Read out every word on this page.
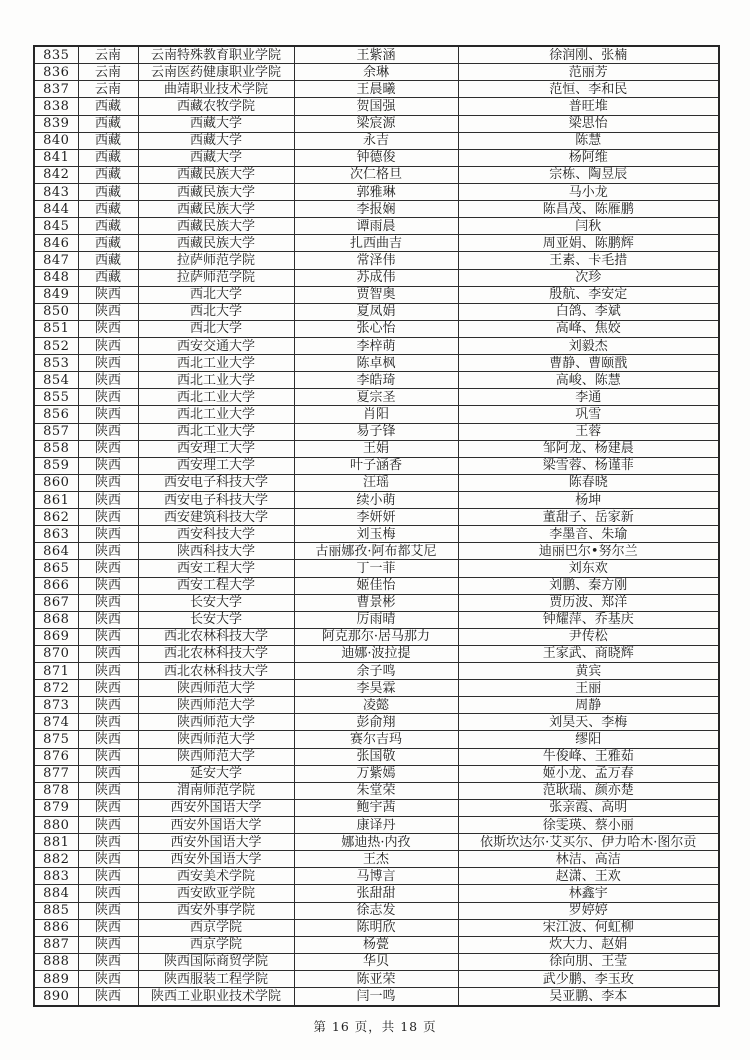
835	云南	云南特殊教育职业学院	王紫涵	徐润刚、张楠
836	云南	云南医药健康职业学院	余琳	范丽芳
837	云南	曲靖职业技术学院	王晨曦	范恒、李和民
838	西藏	西藏农牧学院	贺国强	普旺堆
839	西藏	西藏大学	梁宸源	梁思怡
840	西藏	西藏大学	永吉	陈慧
841	西藏	西藏大学	钟德俊	杨阿维
842	西藏	西藏民族大学	次仁格旦	宗栋、陶昱辰
843	西藏	西藏民族大学	郭雅琳	马小龙
844	西藏	西藏民族大学	李报娴	陈昌茂、陈雁鹏
845	西藏	西藏民族大学	谭雨晨	闫秋
846	西藏	西藏民族大学	扎西曲吉	周亚娟、陈鹏辉
847	西藏	拉萨师范学院	常泽伟	王素、卡毛措
848	西藏	拉萨师范学院	苏成伟	次珍
849	陕西	西北大学	贾智奥	殷航、李安定
850	陕西	西北大学	夏凤娟	白鸽、李斌
851	陕西	西北大学	张心怡	高峰、焦姣
852	陕西	西安交通大学	李梓萌	刘毅杰
853	陕西	西北工业大学	陈卓枫	曹静、曹颐戬
854	陕西	西北工业大学	李皓琦	高峻、陈慧
855	陕西	西北工业大学	夏宗圣	李通
856	陕西	西北工业大学	肖阳	巩雪
857	陕西	西北工业大学	易子锋	王蓉
858	陕西	西安理工大学	王娟	邹阿龙、杨建晨
859	陕西	西安理工大学	叶子涵香	梁雪蓉、杨谨菲
860	陕西	西安电子科技大学	汪瑶	陈春晓
861	陕西	西安电子科技大学	续小萌	杨坤
862	陕西	西安建筑科技大学	李妍妍	董甜子、岳家新
863	陕西	西安科技大学	刘玉梅	李墨音、朱瑜
864	陕西	陕西科技大学	古丽娜孜·阿布都艾尼	迪丽巴尔•努尔兰
865	陕西	西安工程大学	丁一菲	刘东欢
866	陕西	西安工程大学	姬佳怡	刘鹏、秦方刚
867	陕西	长安大学	曹景彬	贾历波、郑洋
868	陕西	长安大学	厉雨晴	钟耀萍、乔基庆
869	陕西	西北农林科技大学	阿克那尔·居马那力	尹传松
870	陕西	西北农林科技大学	迪娜·波拉提	王家武、商晓辉
871	陕西	西北农林科技大学	余子鸣	黄宾
872	陕西	陕西师范大学	李昊霖	王丽
873	陕西	陕西师范大学	凌懿	周静
874	陕西	陕西师范大学	彭俞翔	刘昊天、李梅
875	陕西	陕西师范大学	赛尔吉玛	缪阳
876	陕西	陕西师范大学	张国敬	牛俊峰、王雅茹
877	陕西	延安大学	万紫嫣	姬小龙、孟万春
878	陕西	渭南师范学院	朱堂荣	范耿瑞、颜亦楚
879	陕西	西安外国语大学	鲍宇茜	张亲霞、高明
880	陕西	西安外国语大学	康译丹	徐雯瑛、蔡小丽
881	陕西	西安外国语大学	娜迪热·内孜	依斯坎达尔·艾买尔、伊力哈木·图尔贡
882	陕西	西安外国语大学	王杰	林洁、高洁
883	陕西	西安美术学院	马博言	赵潇、王欢
884	陕西	西安欧亚学院	张甜甜	林鑫宇
885	陕西	西安外事学院	徐志发	罗婷婷
886	陕西	西京学院	陈明欣	宋江波、何虹柳
887	陕西	西京学院	杨甍	炊大力、赵娟
888	陕西	陕西国际商贸学院	华贝	徐向朋、王莹
889	陕西	陕西服装工程学院	陈亚荣	武少鹏、李玉玫
890	陕西	陕西工业职业技术学院	闫一鸣	吴亚鹏、李本
第 16 页，共 18 页
